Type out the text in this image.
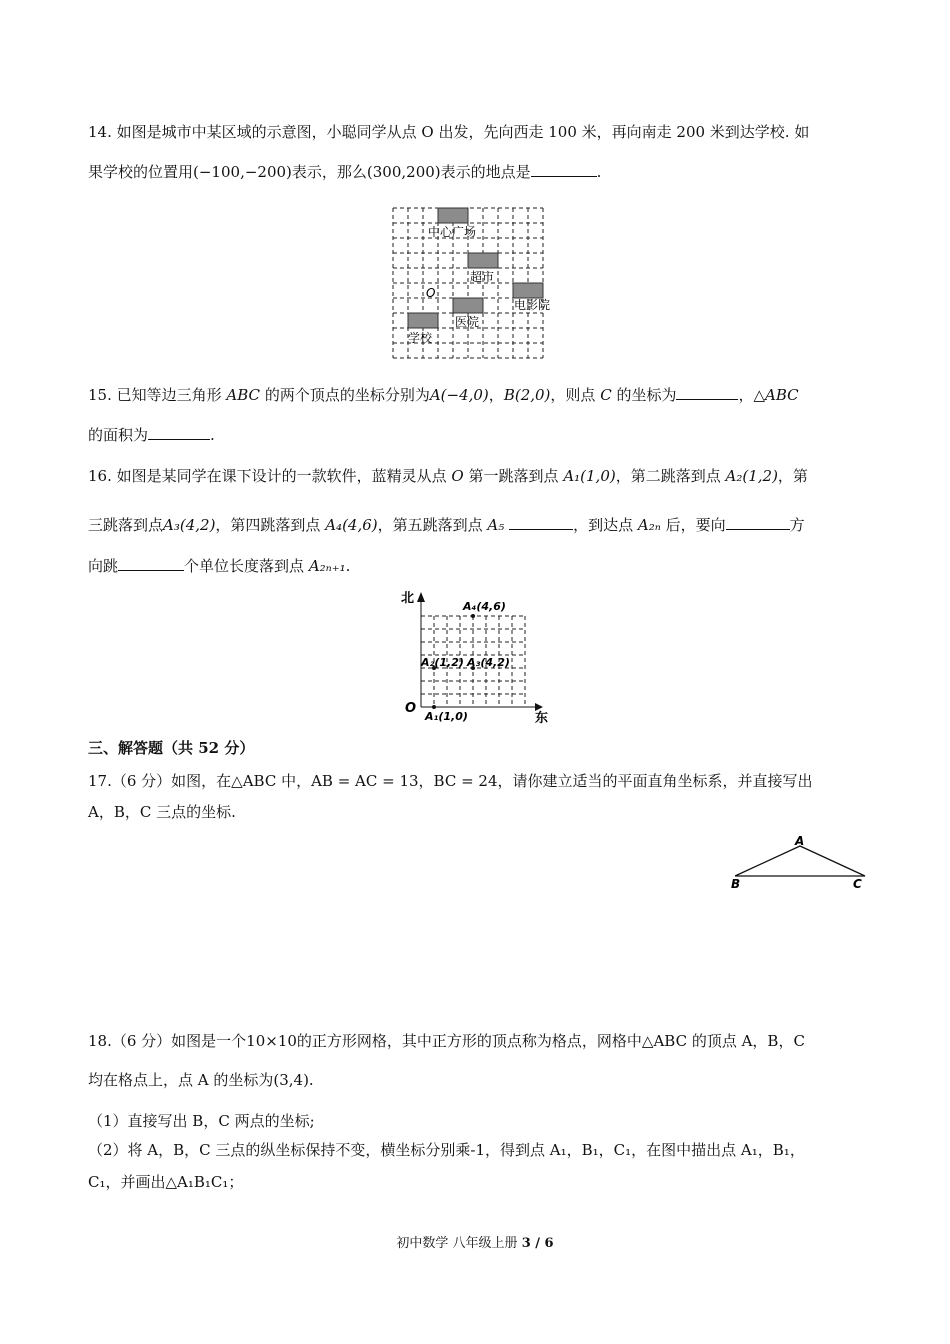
14. 如图是城市中某区域的示意图，小聪同学从点 O 出发，先向西走 100 米，再向南走 200 米到达学校. 如
果学校的位置用(−100,−200)表示，那么(300,200)表示的地点是	.
中心广场
超市
O
电影院
医院
学校
15. 已知等边三角形 ABC 的两个顶点的坐标分别为A(−4,0)，B(2,0)，则点 C 的坐标为	，△ABC
的面积为	.
16. 如图是某同学在课下设计的一款软件，蓝精灵从点 O 第一跳落到点 A₁(1,0)，第二跳落到点 A₂(1,2)，第
三跳落到点A₃(4,2)，第四跳落到点 A₄(4,6)，第五跳落到点 A₅	，到达点 A₂ₙ 后，要向	方
向跳	个单位长度落到点 A₂ₙ₊₁.
北
东
O
A₁(1,0)
A₂(1,2) A₃(4,2)
A₄(4,6)
三、解答题（共 52 分）
17.（6 分）如图，在△ABC 中，AB = AC = 13，BC = 24，请你建立适当的平面直角坐标系，并直接写出
A，B，C 三点的坐标.
A
B	C
18.（6 分）如图是一个10×10的正方形网格，其中正方形的顶点称为格点，网格中△ABC 的顶点 A，B，C
均在格点上，点 A 的坐标为(3,4).
（1）直接写出 B，C 两点的坐标;
（2）将 A，B，C 三点的纵坐标保持不变，横坐标分别乘-1，得到点 A₁，B₁，C₁，在图中描出点 A₁，B₁，
C₁，并画出△A₁B₁C₁；
初中数学 八年级上册 3 / 6
